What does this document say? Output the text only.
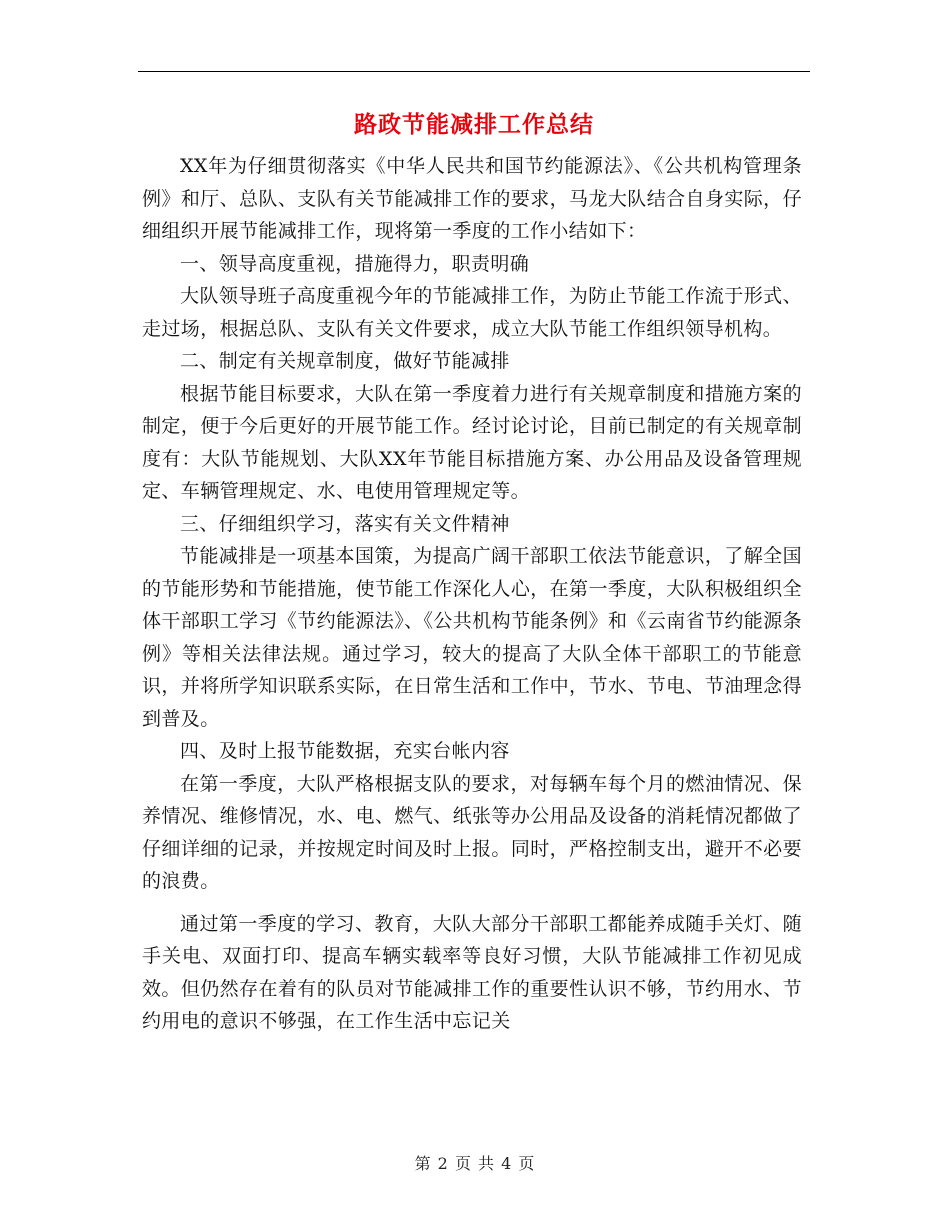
路政节能减排工作总结

XX年为仔细贯彻落实《中华人民共和国节约能源法》、《公共机构管理条例》和厅、总队、支队有关节能减排工作的要求，马龙大队结合自身实际，仔细组织开展节能减排工作，现将第一季度的工作小结如下：

一、领导高度重视，措施得力，职责明确

大队领导班子高度重视今年的节能减排工作，为防止节能工作流于形式、走过场，根据总队、支队有关文件要求，成立大队节能工作组织领导机构。

二、制定有关规章制度，做好节能减排

根据节能目标要求，大队在第一季度着力进行有关规章制度和措施方案的制定，便于今后更好的开展节能工作。经讨论讨论，目前已制定的有关规章制度有：大队节能规划、大队XX年节能目标措施方案、办公用品及设备管理规定、车辆管理规定、水、电使用管理规定等。

三、仔细组织学习，落实有关文件精神

节能减排是一项基本国策，为提高广阔干部职工依法节能意识，了解全国的节能形势和节能措施，使节能工作深化人心，在第一季度，大队积极组织全体干部职工学习《节约能源法》、《公共机构节能条例》和《云南省节约能源条例》等相关法律法规。通过学习，较大的提高了大队全体干部职工的节能意识，并将所学知识联系实际，在日常生活和工作中，节水、节电、节油理念得到普及。

四、及时上报节能数据，充实台帐内容

在第一季度，大队严格根据支队的要求，对每辆车每个月的燃油情况、保养情况、维修情况，水、电、燃气、纸张等办公用品及设备的消耗情况都做了仔细详细的记录，并按规定时间及时上报。同时，严格控制支出，避开不必要的浪费。

通过第一季度的学习、教育，大队大部分干部职工都能养成随手关灯、随手关电、双面打印、提高车辆实载率等良好习惯，大队节能减排工作初见成效。但仍然存在着有的队员对节能减排工作的重要性认识不够，节约用水、节约用电的意识不够强，在工作生活中忘记关

第 2 页 共 4 页
